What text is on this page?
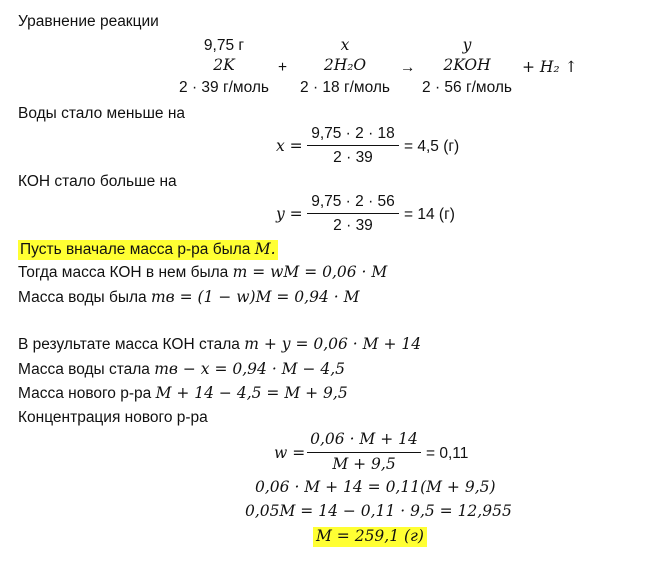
Уравнение реакции
9,75 г
2K
2 · 39 г/моль
+
x
2H₂O
2 · 18 г/моль
→
y
2KOH
2 · 56 г/моль
+ H₂ ↑
Воды стало меньше на
x =
9,75 · 2 · 18
2 · 39
= 4,5 (г)
КОН стало больше на
y =
9,75 · 2 · 56
2 · 39
= 14 (г)
Пусть вначале масса р-ра была M.
Тогда масса КОН в нем была m = wM = 0,06 · M
Масса воды была mв = (1 − w)M = 0,94 · M
В результате масса КОН стала m + y = 0,06 · M + 14
Масса воды стала mв − x = 0,94 · M − 4,5
Масса нового р-ра M + 14 − 4,5 = M + 9,5
Концентрация нового р-ра
w =
0,06 · M + 14
M + 9,5
= 0,11
0,06 · M + 14 = 0,11(M + 9,5)
0,05M = 14 − 0,11 · 9,5 = 12,955
M = 259,1 (г)
